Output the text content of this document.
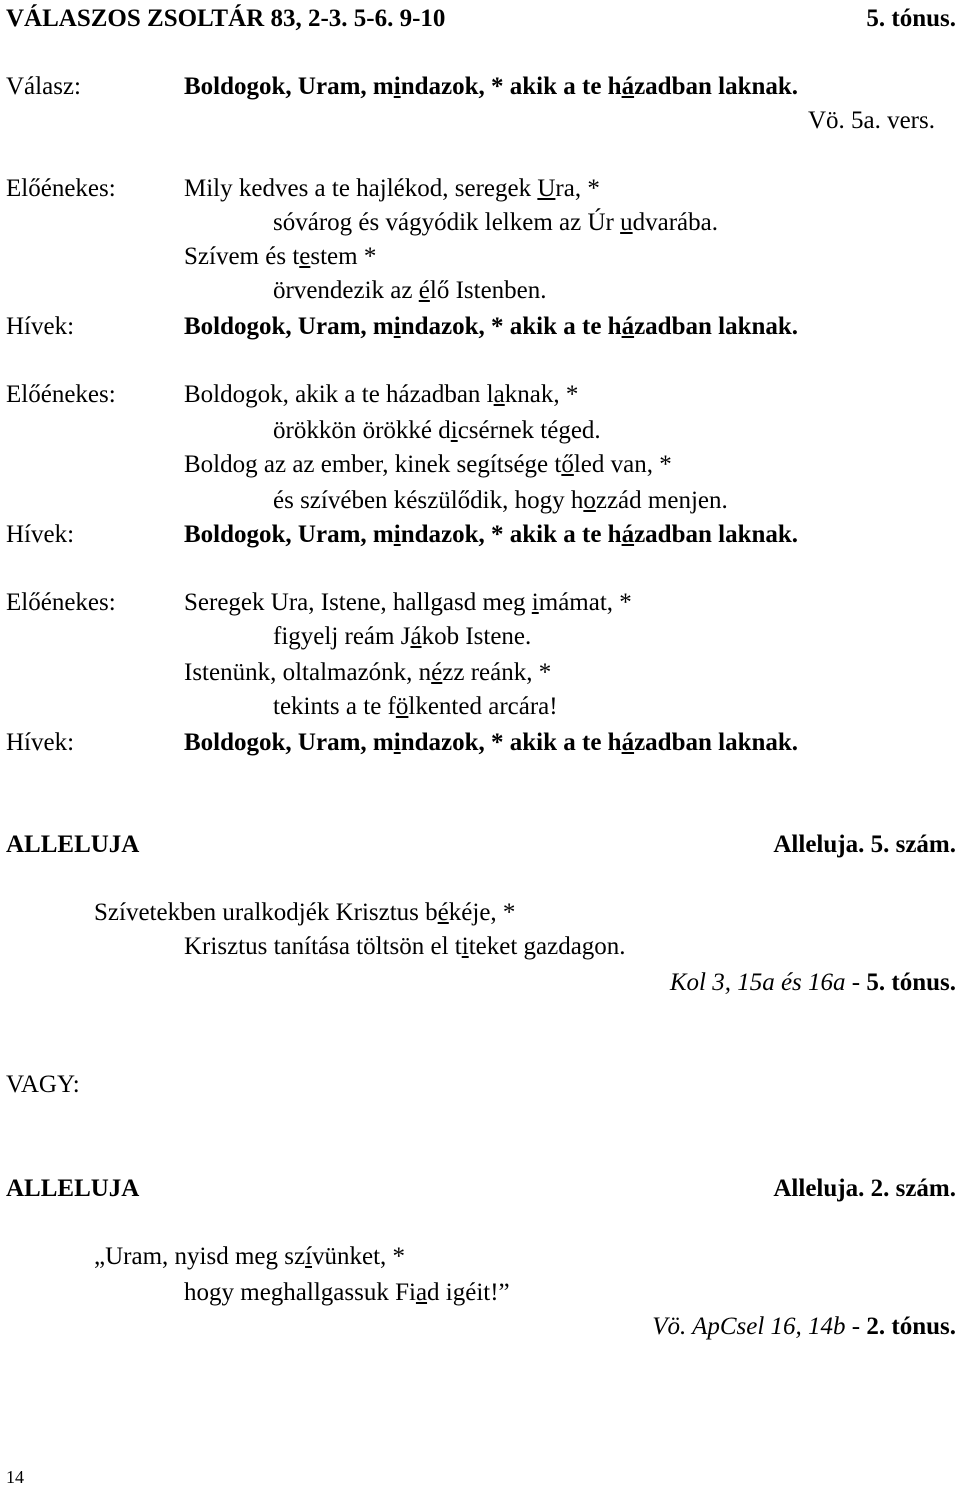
VÁLASZOS ZSOLTÁR 83, 2-3. 5-6. 9-10	5. tónus.
Válasz:	Boldogok, Uram, mindazok, * akik a te házadban laknak.
Vö. 5a. vers.
Előénekes:	Mily kedves a te hajlékod, seregek Ura, *
sóvárog és vágyódik lelkem az Úr udvarába.
Szívem és testem *
örvendezik az élő Istenben.
Hívek:	Boldogok, Uram, mindazok, * akik a te házadban laknak.
Előénekes:	Boldogok, akik a te házadban laknak, *
örökkön örökké dicsérnek téged.
Boldog az az ember, kinek segítsége tőled van, *
és szívében készülődik, hogy hozzád menjen.
Hívek:	Boldogok, Uram, mindazok, * akik a te házadban laknak.
Előénekes:	Seregek Ura, Istene, hallgasd meg imámat, *
figyelj reám Jákob Istene.
Istenünk, oltalmazónk, nézz reánk, *
tekints a te fölkented arcára!
Hívek:	Boldogok, Uram, mindazok, * akik a te házadban laknak.
ALLELUJA	Alleluja. 5. szám.
Szívetekben uralkodjék Krisztus békéje, *
Krisztus tanítása töltsön el titeket gazdagon.
Kol 3, 15a és 16a - 5. tónus.
VAGY:
ALLELUJA	Alleluja. 2. szám.
„Uram, nyisd meg szívünket, *
hogy meghallgassuk Fiad igéit!”
Vö. ApCsel 16, 14b - 2. tónus.
14
